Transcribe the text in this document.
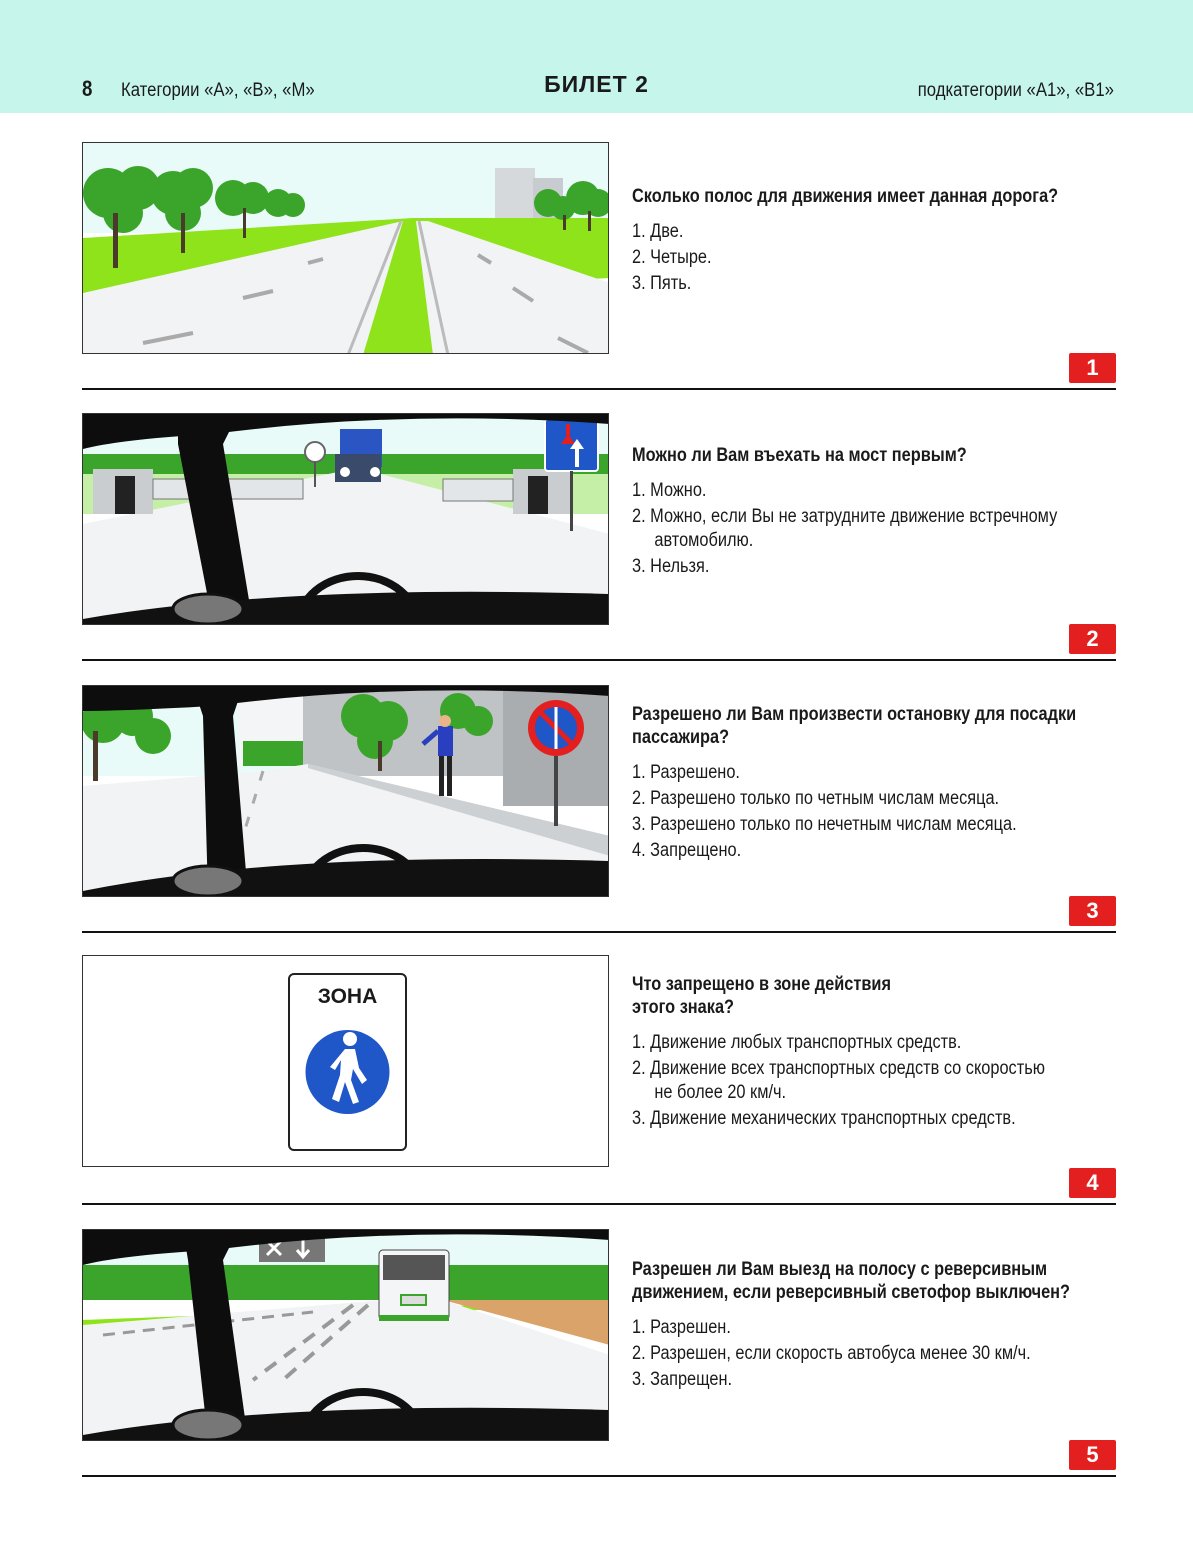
8 Категории «А», «В», «М»	БИЛЕТ 2	подкатегории «А1», «В1»
Сколько полос для движения имеет данная дорога?
1. Две.
2. Четыре.
3. Пять.
1
Можно ли Вам въехать на мост первым?
1. Можно.
2. Можно, если Вы не затрудните движение встречному
автомобилю.
3. Нельзя.
2
Разрешено ли Вам произвести остановку для посадки
пассажира?
1. Разрешено.
2. Разрешено только по четным числам месяца.
3. Разрешено только по нечетным числам месяца.
4. Запрещено.
3
ЗОНА
Что запрещено в зоне действия
этого знака?
1. Движение любых транспортных средств.
2. Движение всех транспортных средств со скоростью
не более 20 км/ч.
3. Движение механических транспортных средств.
4
Разрешен ли Вам выезд на полосу с реверсивным
движением, если реверсивный светофор выключен?
1. Разрешен.
2. Разрешен, если скорость автобуса менее 30 км/ч.
3. Запрещен.
5
